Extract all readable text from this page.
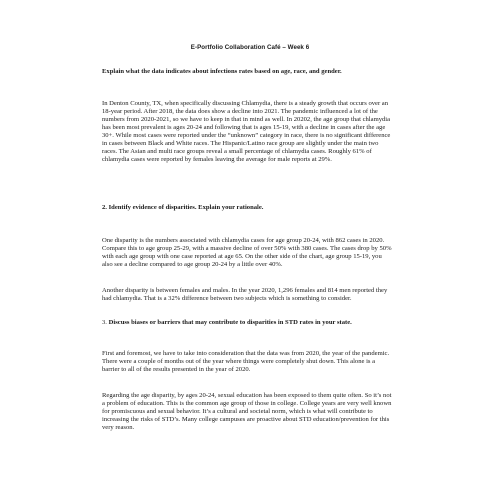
E-Portfolio Collaboration Café – Week 6
Explain what the data indicates about infections rates based on age, race, and gender.
In Denton County, TX, when specifically discussing Chlamydia, there is a steady growth that occurs over an 18-year period. After 2018, the data does show a decline into 2021. The pandemic influenced a lot of the numbers from 2020-2021, so we have to keep in that in mind as well. In 20202, the age group that chlamydia has been most prevalent is ages 20-24 and following that is ages 15-19, with a decline in cases after the age 30+. While most cases were reported under the “unknown” category in race, there is no significant difference in cases between Black and White races. The Hispanic/Latino race group are slightly under the main two races. The Asian and multi race groups reveal a small percentage of chlamydia cases. Roughly 61% of chlamydia cases were reported by females leaving the average for male reports at 29%.
2. Identify evidence of disparities. Explain your rationale.
One disparity is the numbers associated with chlamydia cases for age group 20-24, with 862 cases in 2020. Compare this to age group 25-29, with a massive decline of over 50% with 380 cases. The cases drop by 50% with each age group with one case reported at age 65. On the other side of the chart, age group 15-19, you also see a decline compared to age group 20-24 by a little over 40%.
Another disparity is between females and males. In the year 2020, 1,296 females and 814 men reported they had chlamydia. That is a 32% difference between two subjects which is something to consider.
3. Discuss biases or barriers that may contribute to disparities in STD rates in your state.
First and foremost, we have to take into consideration that the data was from 2020, the year of the pandemic. There were a couple of months out of the year where things were completely shut down. This alone is a barrier to all of the results presented in the year of 2020.
Regarding the age disparity, by ages 20-24, sexual education has been exposed to them quite often. So it’s not a problem of education. This is the common age group of those in college. College years are very well known for promiscuous and sexual behavior. It’s a cultural and societal norm, which is what will contribute to increasing the risks of STD’s. Many college campuses are proactive about STD education/prevention for this very reason.
